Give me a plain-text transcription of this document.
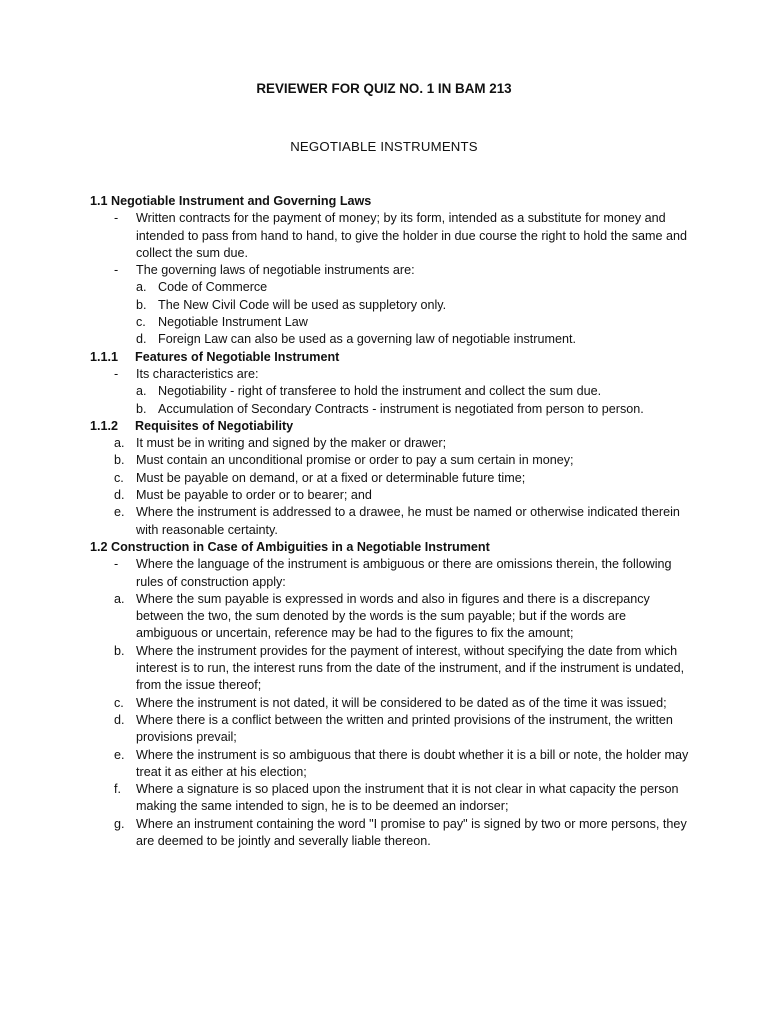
REVIEWER FOR QUIZ NO. 1 IN BAM 213
NEGOTIABLE INSTRUMENTS
1.1 Negotiable Instrument and Governing Laws
-	Written contracts for the payment of money; by its form, intended as a substitute for money and intended to pass from hand to hand, to give the holder in due course the right to hold the same and collect the sum due.
-	The governing laws of negotiable instruments are:
a. Code of Commerce
b. The New Civil Code will be used as suppletory only.
c. Negotiable Instrument Law
d. Foreign Law can also be used as a governing law of negotiable instrument.
1.1.1	Features of Negotiable Instrument
-	Its characteristics are:
a. Negotiability - right of transferee to hold the instrument and collect the sum due.
b. Accumulation of Secondary Contracts - instrument is negotiated from person to person.
1.1.2	Requisites of Negotiability
a. It must be in writing and signed by the maker or drawer;
b. Must contain an unconditional promise or order to pay a sum certain in money;
c. Must be payable on demand, or at a fixed or determinable future time;
d. Must be payable to order or to bearer; and
e. Where the instrument is addressed to a drawee, he must be named or otherwise indicated therein with reasonable certainty.
1.2 Construction in Case of Ambiguities in a Negotiable Instrument
-	Where the language of the instrument is ambiguous or there are omissions therein, the following rules of construction apply:
a. Where the sum payable is expressed in words and also in figures and there is a discrepancy between the two, the sum denoted by the words is the sum payable; but if the words are ambiguous or uncertain, reference may be had to the figures to fix the amount;
b. Where the instrument provides for the payment of interest, without specifying the date from which interest is to run, the interest runs from the date of the instrument, and if the instrument is undated, from the issue thereof;
c. Where the instrument is not dated, it will be considered to be dated as of the time it was issued;
d. Where there is a conflict between the written and printed provisions of the instrument, the written provisions prevail;
e. Where the instrument is so ambiguous that there is doubt whether it is a bill or note, the holder may treat it as either at his election;
f.	Where a signature is so placed upon the instrument that it is not clear in what capacity the person making the same intended to sign, he is to be deemed an indorser;
g. Where an instrument containing the word "I promise to pay" is signed by two or more persons, they are deemed to be jointly and severally liable thereon.
